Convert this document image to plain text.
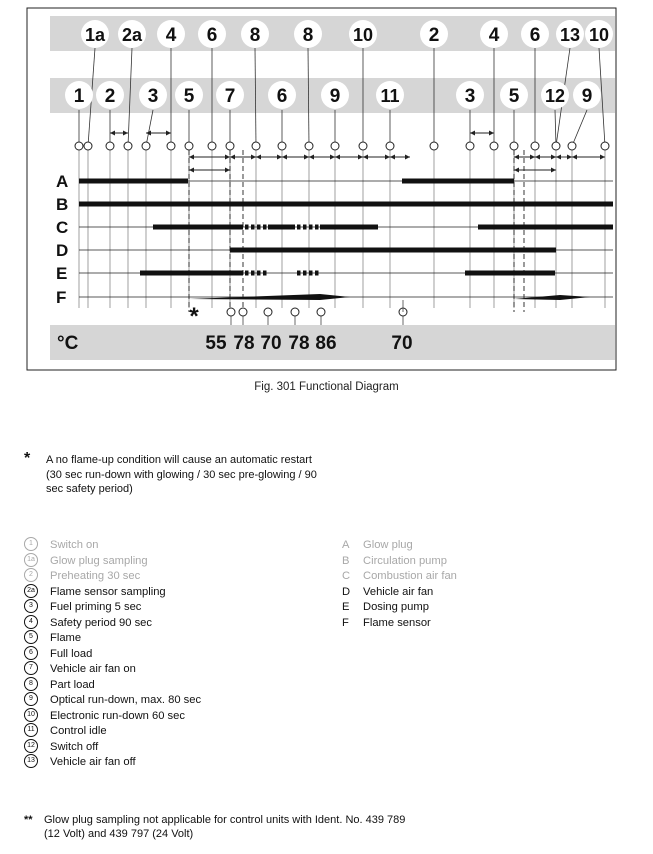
1a 2a 4 6 8 8 10	2	4 6 13 10
1 2 3 5 7 6 9 11	3 5 12 9
A
B
C
D
E
F
*
55 78 70 78 86	70
°C
Fig. 301 Functional Diagram
* A no flame-up condition will cause an automatic restart (30 sec run-down with glowing / 30 sec pre-glowing / 90 sec safety period)
1 Switch on
1a Glow plug sampling
2 Preheating 30 sec
2a Flame sensor sampling
3 Fuel priming 5 sec
4 Safety period 90 sec
5 Flame
6 Full load
7 Vehicle air fan on
8 Part load
9 Optical run-down, max. 80 sec
10 Electronic run-down 60 sec
11 Control idle
12 Switch off
13 Vehicle air fan off
A Glow plug
B Circulation pump
C Combustion air fan
D Vehicle air fan
E Dosing pump
F Flame sensor
** Glow plug sampling not applicable for control units with Ident. No. 439 789 (12 Volt) and 439 797 (24 Volt)
